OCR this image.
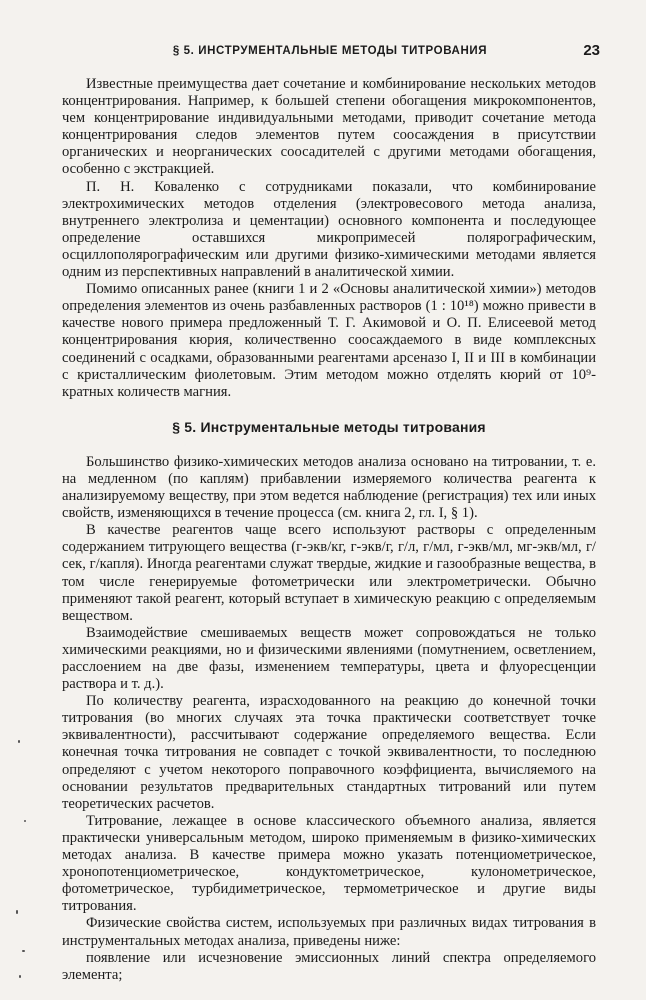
§ 5. ИНСТРУМЕНТАЛЬНЫЕ МЕТОДЫ ТИТРОВАНИЯ	23

Известные преимущества дает сочетание и комбинирование нескольких методов концентрирования. Например, к большей степени обогащения микрокомпонентов, чем концентрирование индивидуальными методами, приводит сочетание метода концентрирования следов элементов путем соосаждения в присутствии органических и неорганических соосадителей с другими методами обогащения, особенно с экстракцией.

П. Н. Коваленко с сотрудниками показали, что комбинирование электрохимических методов отделения (электровесового метода анализа, внутреннего электролиза и цементации) основного компонента и последующее определение оставшихся микропримесей полярографическим, осциллополярографическим или другими физико-химическими методами является одним из перспективных направлений в аналитической химии.

Помимо описанных ранее (книги 1 и 2 «Основы аналитической химии») методов определения элементов из очень разбавленных растворов (1 : 10¹⁸) можно привести в качестве нового примера предложенный Т. Г. Акимовой и О. П. Елисеевой метод концентрирования кюрия, количественно соосаждаемого в виде комплексных соединений с осадками, образованными реагентами арсеназо I, II и III в комбинации с кристаллическим фиолетовым. Этим методом можно отделять кюрий от 10⁹-кратных количеств магния.

§ 5. Инструментальные методы титрования

Большинство физико-химических методов анализа основано на титровании, т. е. на медленном (по каплям) прибавлении измеряемого количества реагента к анализируемому веществу, при этом ведется наблюдение (регистрация) тех или иных свойств, изменяющихся в течение процесса (см. книга 2, гл. I, § 1).

В качестве реагентов чаще всего используют растворы с определенным содержанием титрующего вещества (г-экв/кг, г-экв/г, г/л, г/мл, г-экв/мл, мг-экв/мл, г/сек, г/капля). Иногда реагентами служат твердые, жидкие и газообразные вещества, в том числе генерируемые фотометрически или электрометрически. Обычно применяют такой реагент, который вступает в химическую реакцию с определяемым веществом.

Взаимодействие смешиваемых веществ может сопровождаться не только химическими реакциями, но и физическими явлениями (помутнением, осветлением, расслоением на две фазы, изменением температуры, цвета и флуоресценции раствора и т. д.).

По количеству реагента, израсходованного на реакцию до конечной точки титрования (во многих случаях эта точка практически соответствует точке эквивалентности), рассчитывают содержание определяемого вещества. Если конечная точка титрования не совпадет с точкой эквивалентности, то последнюю определяют с учетом некоторого поправочного коэффициента, вычисляемого на основании результатов предварительных стандартных титрований или путем теоретических расчетов.

Титрование, лежащее в основе классического объемного анализа, является практически универсальным методом, широко применяемым в физико-химических методах анализа. В качестве примера можно указать потенциометрическое, хронопотенциометрическое, кондуктометрическое, кулонометрическое, фотометрическое, турбидиметрическое, термометрическое и другие виды титрования.

Физические свойства систем, используемых при различных видах титрования в инструментальных методах анализа, приведены ниже:

появление или исчезновение эмиссионных линий спектра определяемого элемента;
